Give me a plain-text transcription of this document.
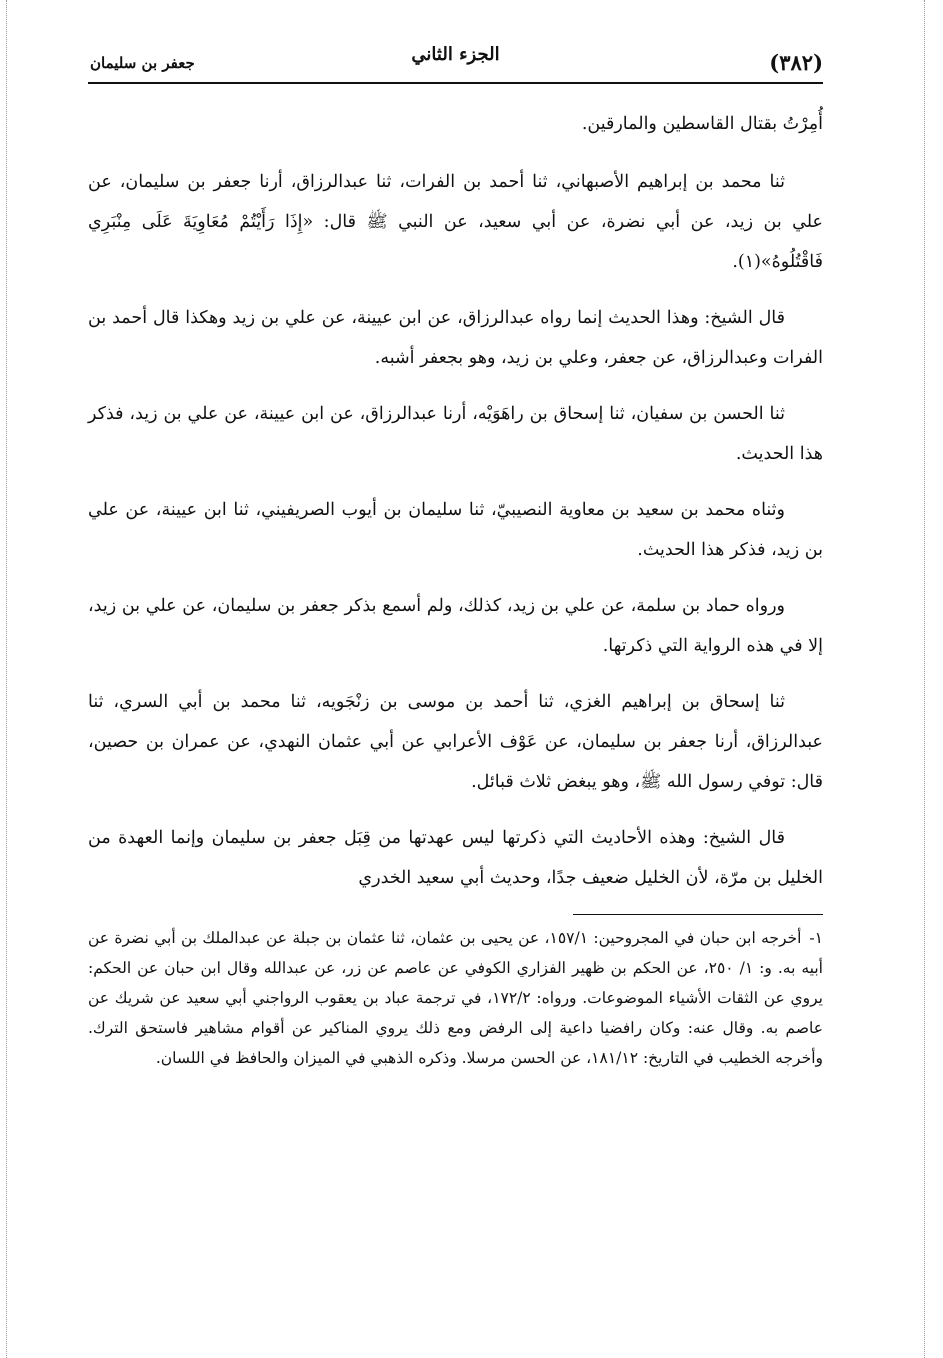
(٣٨٢)
الجزء الثاني
جعفر بن سليمان

أُمِرْتُ بقتال القاسطين والمارقين.

ثنا محمد بن إبراهيم الأصبهاني، ثنا أحمد بن الفرات، ثنا عبدالرزاق، أرنا جعفر بن سليمان، عن علي بن زيد، عن أبي نضرة، عن أبي سعيد، عن النبي ﷺ قال: «إِذَا رَأَيْتُمْ مُعَاوِيَةَ عَلَى مِنْبَرِي فَاقْتُلُوهُ»(١).

قال الشيخ: وهذا الحديث إنما رواه عبدالرزاق، عن ابن عيينة، عن علي بن زيد وهكذا قال أحمد بن الفرات وعبدالرزاق، عن جعفر، وعلي بن زيد، وهو بجعفر أشبه.

ثنا الحسن بن سفيان، ثنا إسحاق بن راهَوَيْه، أرنا عبدالرزاق، عن ابن عيينة، عن علي بن زيد، فذكر هذا الحديث.

وثناه محمد بن سعيد بن معاوية النصيبيّ، ثنا سليمان بن أيوب الصريفيني، ثنا ابن عيينة، عن علي بن زيد، فذكر هذا الحديث.

ورواه حماد بن سلمة، عن علي بن زيد، كذلك، ولم أسمع بذكر جعفر بن سليمان، عن علي بن زيد، إلا في هذه الرواية التي ذكرتها.

ثنا إسحاق بن إبراهيم الغزي، ثنا أحمد بن موسى بن زنْجَويه، ثنا محمد بن أبي السري، ثنا عبدالرزاق، أرنا جعفر بن سليمان، عن عَوْف الأعرابي عن أبي عثمان النهدي، عن عمران بن حصين، قال: توفي رسول الله ﷺ، وهو يبغض ثلاث قبائل.

قال الشيخ: وهذه الأحاديث التي ذكرتها ليس عهدتها من قِبَل جعفر بن سليمان وإنما العهدة من الخليل بن مرّة، لأن الخليل ضعيف جدًا، وحديث أبي سعيد الخدري

١-أخرجه ابن حبان في المجروحين: ١٥٧/١، عن يحيى بن عثمان، ثنا عثمان بن جبلة عن عبدالملك بن أبي نضرة عن أبيه به. و: ١/ ٢٥٠، عن الحكم بن ظهير الفزاري الكوفي عن عاصم عن زر، عن عبدالله وقال ابن حبان عن الحكم: يروي عن الثقات الأشياء الموضوعات. ورواه: ١٧٢/٢، في ترجمة عباد بن يعقوب الرواجني أبي سعيد عن شريك عن عاصم به. وقال عنه: وكان رافضيا داعية إلى الرفض ومع ذلك يروي المناكير عن أقوام مشاهير فاستحق الترك. وأخرجه الخطيب في التاريخ: ١٨١/١٢، عن الحسن مرسلا. وذكره الذهبي في الميزان والحافظ في اللسان.
